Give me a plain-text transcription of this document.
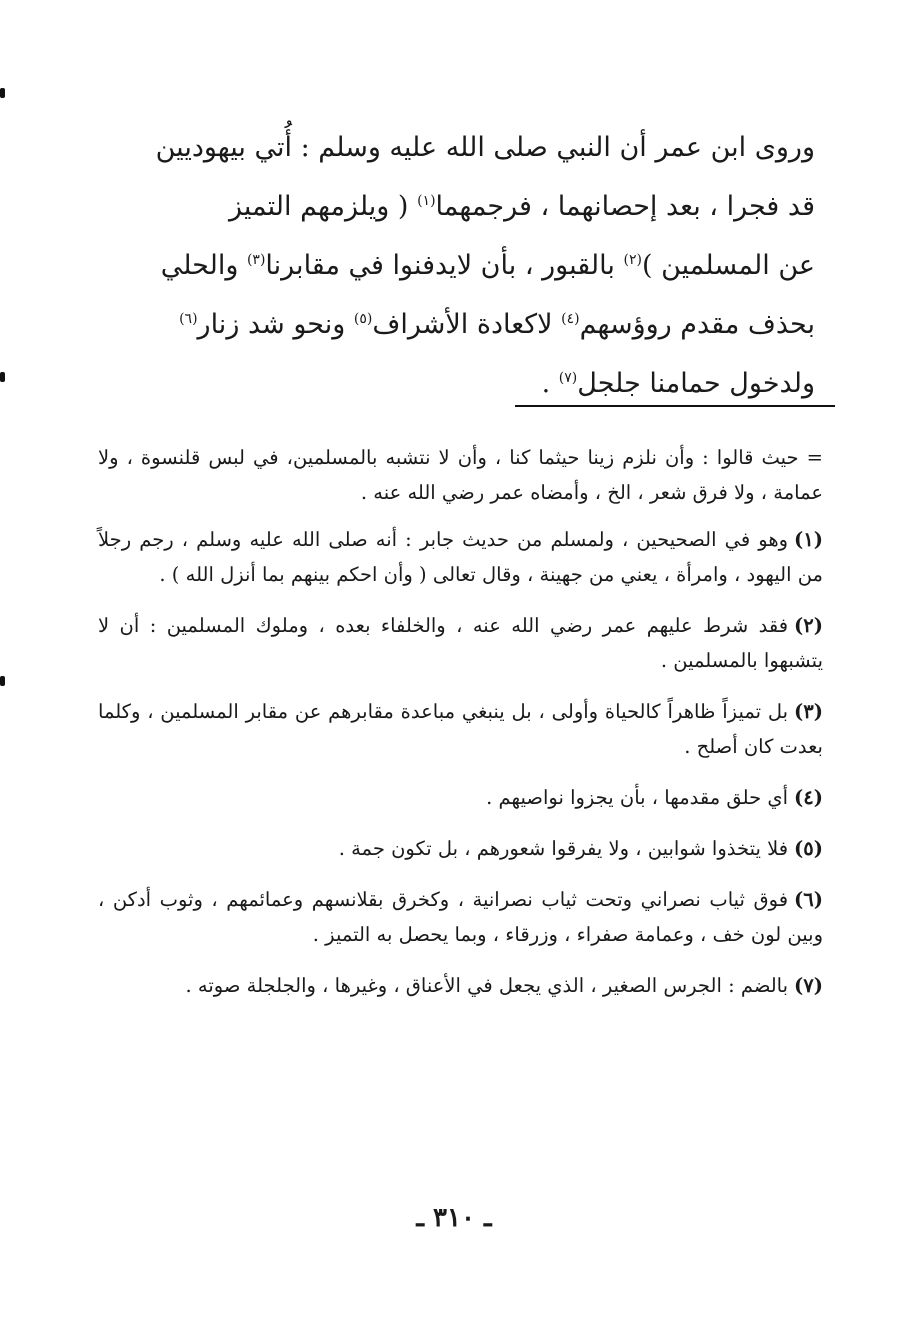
وروى ابن عمر أن النبي صلى الله عليه وسلم : أُتي بيهوديين

قد فجرا ، بعد إحصانهما ، فرجمهما$^{(١)}$ ( ويلزمهم التميز

عن المسلمين )$^{(٢)}$ بالقبور ، بأن لايدفنوا في مقابرنا$^{(٣)}$ والحلي

بحذف مقدم روؤسهم$^{(٤)}$ لاكعادة الأشراف$^{(٥)}$ ونحو شد زنار$^{(٦)}$

ولدخول حمامنا جلجل$^{(٧)}$ .

= حيث قالوا : وأن نلزم زينا حيثما كنا ، وأن لا نتشبه بالمسلمين، في لبس قلنسوة ، ولا عمامة ، ولا فرق شعر ، الخ ، وأمضاه عمر رضي الله عنه .

(١)وهو في الصحيحين ، ولمسلم من حديث جابر : أنه صلى الله عليه وسلم ، رجم رجلاً من اليهود ، وامرأة ، يعني من جهينة ، وقال تعالى ( وأن احكم بينهم بما أنزل الله ) .

(٢)فقد شرط عليهم عمر رضي الله عنه ، والخلفاء بعده ، وملوك المسلمين : أن لا يتشبهوا بالمسلمين .

(٣)بل تميزاً ظاهراً كالحياة وأولى ، بل ينبغي مباعدة مقابرهم عن مقابر المسلمين ، وكلما بعدت كان أصلح .

(٤)أي حلق مقدمها ، بأن يجزوا نواصيهم .

(٥)فلا يتخذوا شوابين ، ولا يفرقوا شعورهم ، بل تكون جمة .

(٦)فوق ثياب نصراني وتحت ثياب نصرانية ، وكخرق بقلانسهم وعمائمهم ، وثوب أدكن ، وبين لون خف ، وعمامة صفراء ، وزرقاء ، وبما يحصل به التميز .

(٧)بالضم : الجرس الصغير ، الذي يجعل في الأعناق ، وغيرها ، والجلجلة صوته .

ـ ٣١٠ ـ
